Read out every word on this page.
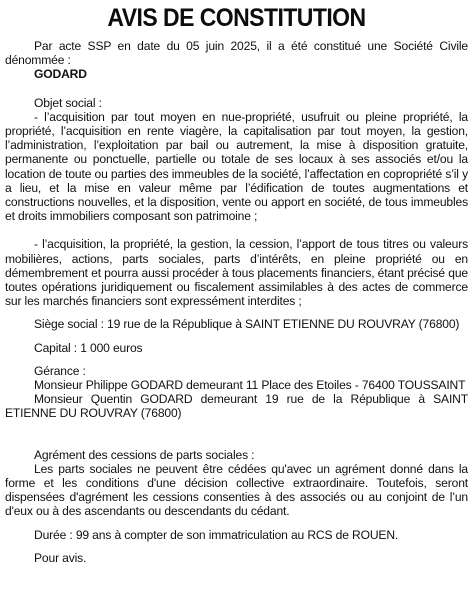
AVIS DE CONSTITUTION

Par acte SSP en date du 05 juin 2025, il a été constitué une Société Civile dénommée :

GODARD

Objet social :

- l’acquisition par tout moyen en nue-propriété, usufruit ou pleine propriété, la propriété, l’acquisition en rente viagère, la capitalisation par tout moyen, la gestion, l’administration, l’exploitation par bail ou autrement, la mise à disposition gratuite, permanente ou ponctuelle, partielle ou totale de ses locaux à ses associés et/ou la location de toute ou parties des immeubles de la société, l’affectation en copropriété s’il y a lieu, et la mise en valeur même par l’édification de toutes augmentations et constructions nouvelles, et la disposition, vente ou apport en société, de tous immeubles et droits immobiliers composant son patrimoine ;

- l’acquisition, la propriété, la gestion, la cession, l’apport de tous titres ou valeurs mobilières, actions, parts sociales, parts d’intérêts, en pleine propriété ou en démembrement et pourra aussi procéder à tous placements financiers, étant précisé que toutes opérations juridiquement ou fiscalement assimilables à des actes de commerce sur les marchés financiers sont expressément interdites ;

Siège social : 19 rue de la République à SAINT ETIENNE DU ROUVRAY (76800)

Capital : 1 000 euros

Gérance :

Monsieur Philippe GODARD demeurant 11 Place des Etoiles - 76400 TOUSSAINT

Monsieur Quentin GODARD demeurant 19 rue de la République à SAINT ETIENNE DU ROUVRAY (76800)

Agrément des cessions de parts sociales :

Les parts sociales ne peuvent être cédées qu'avec un agrément donné dans la forme et les conditions d'une décision collective extraordinaire. Toutefois, seront dispensées d'agrément les cessions consenties à des associés ou au conjoint de l’un d'eux ou à des ascendants ou descendants du cédant.

Durée : 99 ans à compter de son immatriculation au RCS de ROUEN.

Pour avis.
